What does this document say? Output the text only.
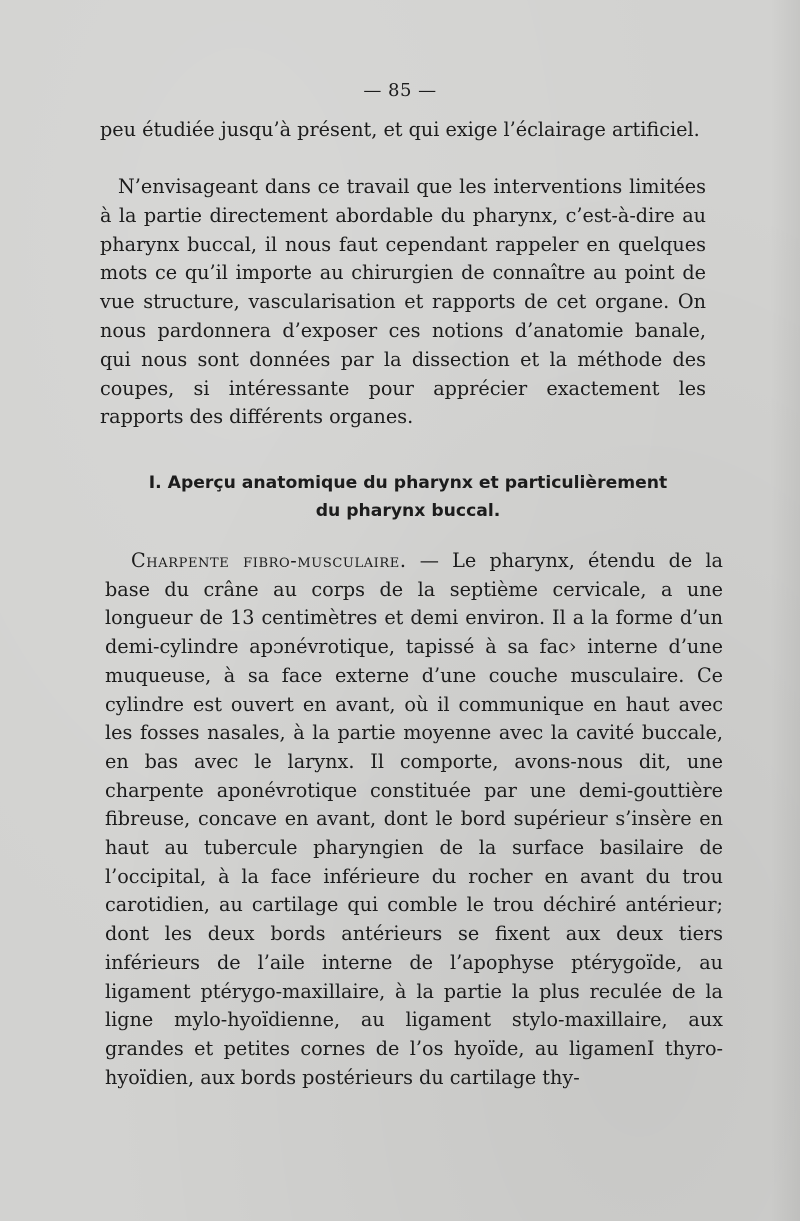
— 85 —
peu étudiée jusqu’à présent, et qui exige l’éclairage artificiel.
N’envisageant dans ce travail que les interventions limitées à la partie directement abordable du pharynx, c’est-à-dire au pharynx buccal, il nous faut cependant rappeler en quelques mots ce qu’il importe au chirurgien de connaître au point de vue structure, vascularisation et rapports de cet organe. On nous pardonnera d’exposer ces notions d’anatomie banale, qui nous sont données par la dissection et la méthode des coupes, si intéressante pour apprécier exactement les rapports des différents organes.
I. Aperçu anatomique du pharynx et particulièrement
du pharynx buccal.
Charpente fibro-musculaire. — Le pharynx, étendu de la base du crâne au corps de la septième cervicale, a une longueur de 13 centimètres et demi environ. Il a la forme d’un demi-cylindre apɔnévrotique, tapissé à sa fac› interne d’une muqueuse, à sa face externe d’une couche musculaire. Ce cylindre est ouvert en avant, où il communique en haut avec les fosses nasales, à la partie moyenne avec la cavité buccale, en bas avec le larynx. Il comporte, avons-nous dit, une charpente aponévrotique constituée par une demi-gouttière fibreuse, concave en avant, dont le bord supérieur s’insère en haut au tubercule pharyngien de la surface basilaire de l’occipital, à la face inférieure du rocher en avant du trou carotidien, au cartilage qui comble le trou déchiré antérieur; dont les deux bords antérieurs se fixent aux deux tiers inférieurs de l’aile interne de l’apophyse ptérygoïde, au ligament ptérygo-maxillaire, à la partie la plus reculée de la ligne mylo-hyoïdienne, au ligament stylo-maxillaire, aux grandes et petites cornes de l’os hyoïde, au ligamenI thyro-hyoïdien, aux bords postérieurs du cartilage thy-
